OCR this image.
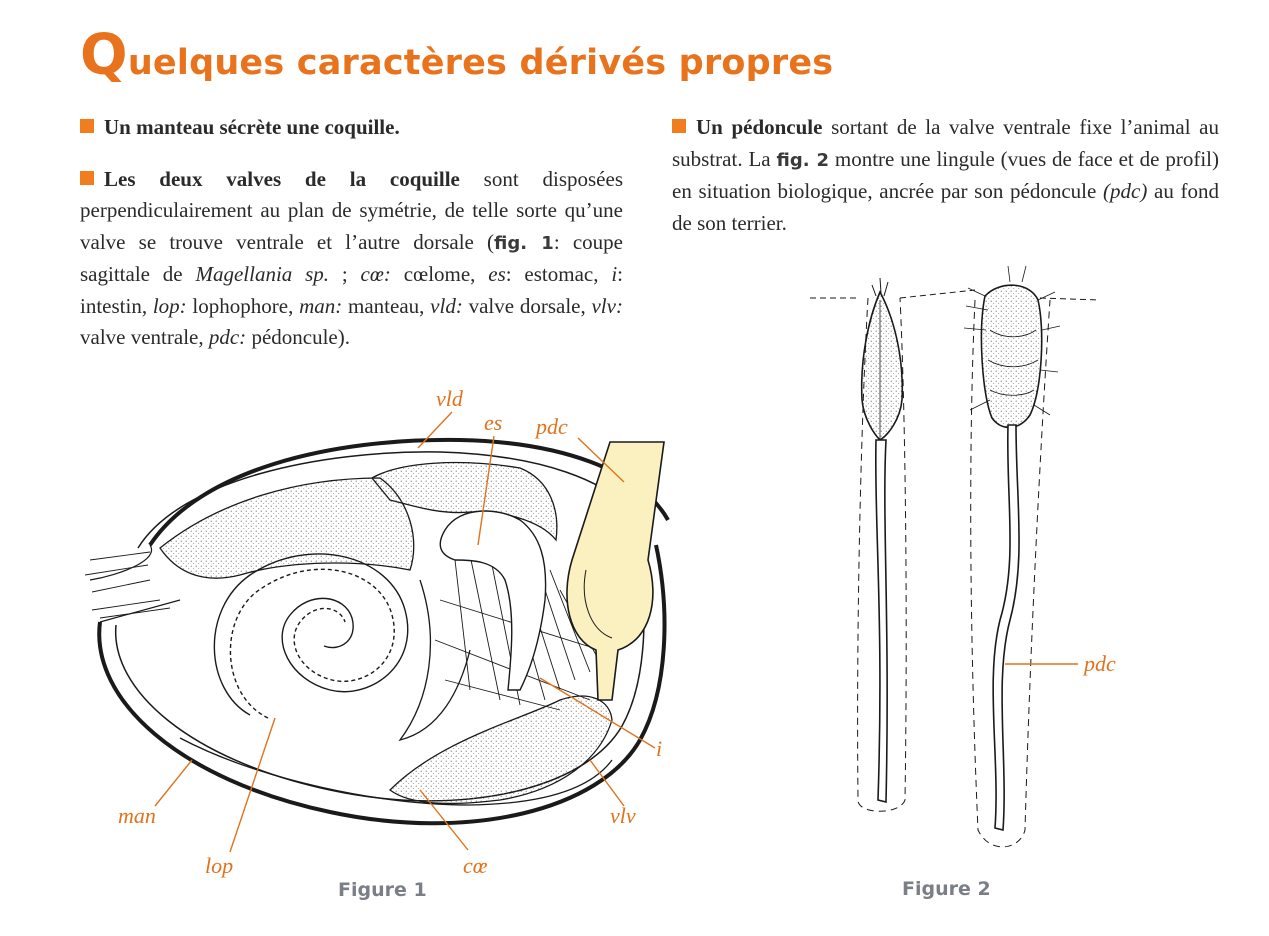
Quelques caractères dérivés propres

Un manteau sécrète une coquille.

Les deux valves de la coquille sont disposées perpendiculairement au plan de symétrie, de telle sorte qu’une valve se trouve ventrale et l’autre dorsale (fig. 1: coupe sagittale de Magellania sp. ; cœ: cœlome, es: estomac, i: intestin, lop: lophophore, man: manteau, vld: valve dorsale, vlv: valve ventrale, pdc: pédoncule).

Un pédoncule sortant de la valve ventrale fixe l’animal au substrat. La fig. 2 montre une lingule (vues de face et de profil) en situation biologique, ancrée par son pédoncule (pdc) au fond de son terrier.

vld
es pdc
i
vlv
man
lop	cœ
Figure 1
pdc
Figure 2
